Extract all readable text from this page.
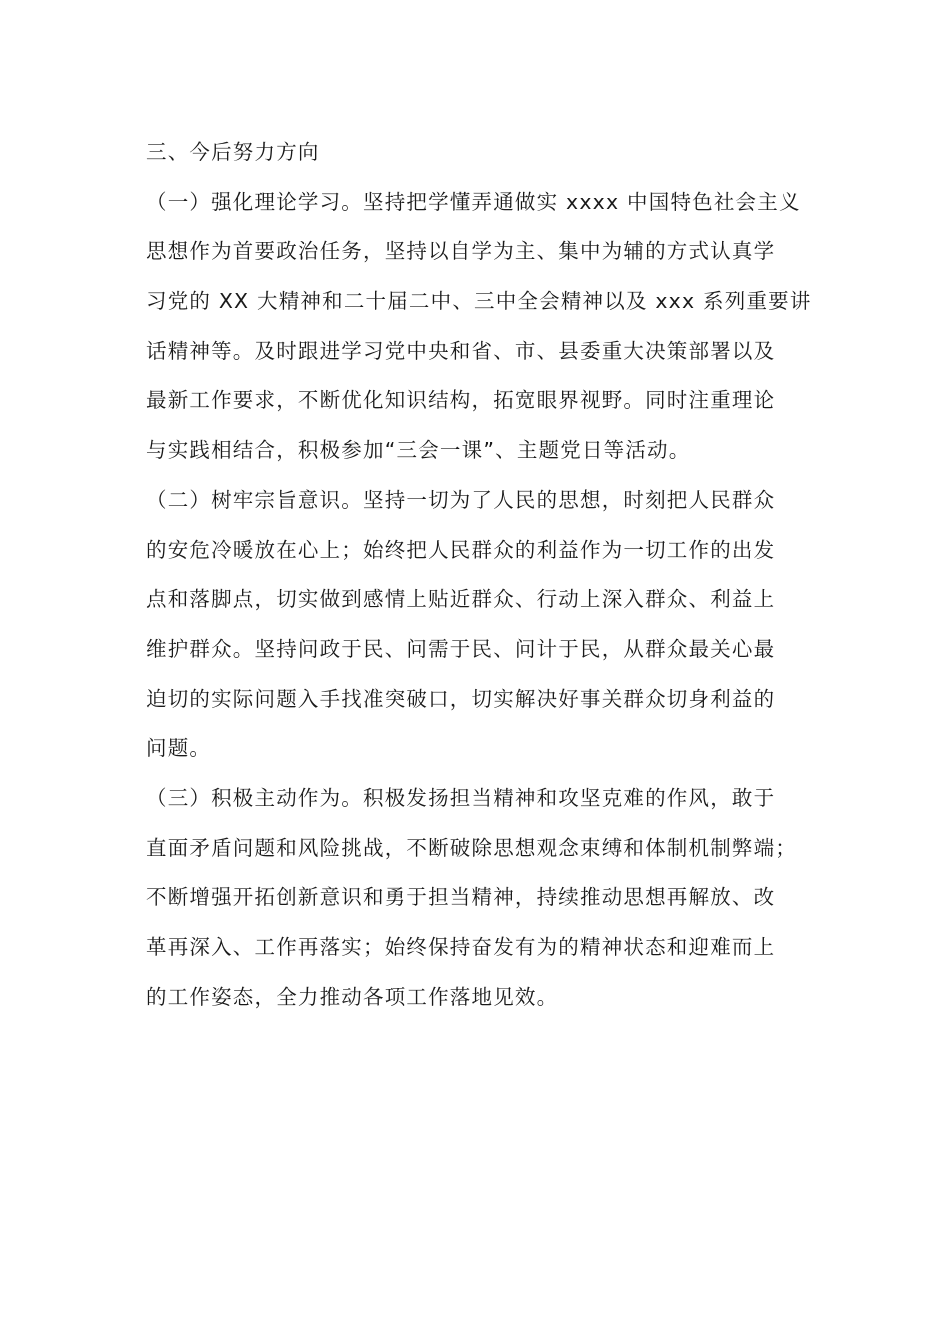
三、今后努力方向
（一）强化理论学习。坚持把学懂弄通做实 xxxx 中国特色社会主义
思想作为首要政治任务，坚持以自学为主、集中为辅的方式认真学
习党的 XX 大精神和二十届二中、三中全会精神以及 xxx 系列重要讲
话精神等。及时跟进学习党中央和省、市、县委重大决策部署以及
最新工作要求，不断优化知识结构，拓宽眼界视野。同时注重理论
与实践相结合，积极参加“三会一课”、主题党日等活动。
（二）树牢宗旨意识。坚持一切为了人民的思想，时刻把人民群众
的安危冷暖放在心上；始终把人民群众的利益作为一切工作的出发
点和落脚点，切实做到感情上贴近群众、行动上深入群众、利益上
维护群众。坚持问政于民、问需于民、问计于民，从群众最关心最
迫切的实际问题入手找准突破口，切实解决好事关群众切身利益的
问题。
（三）积极主动作为。积极发扬担当精神和攻坚克难的作风，敢于
直面矛盾问题和风险挑战，不断破除思想观念束缚和体制机制弊端；
不断增强开拓创新意识和勇于担当精神，持续推动思想再解放、改
革再深入、工作再落实；始终保持奋发有为的精神状态和迎难而上
的工作姿态，全力推动各项工作落地见效。
